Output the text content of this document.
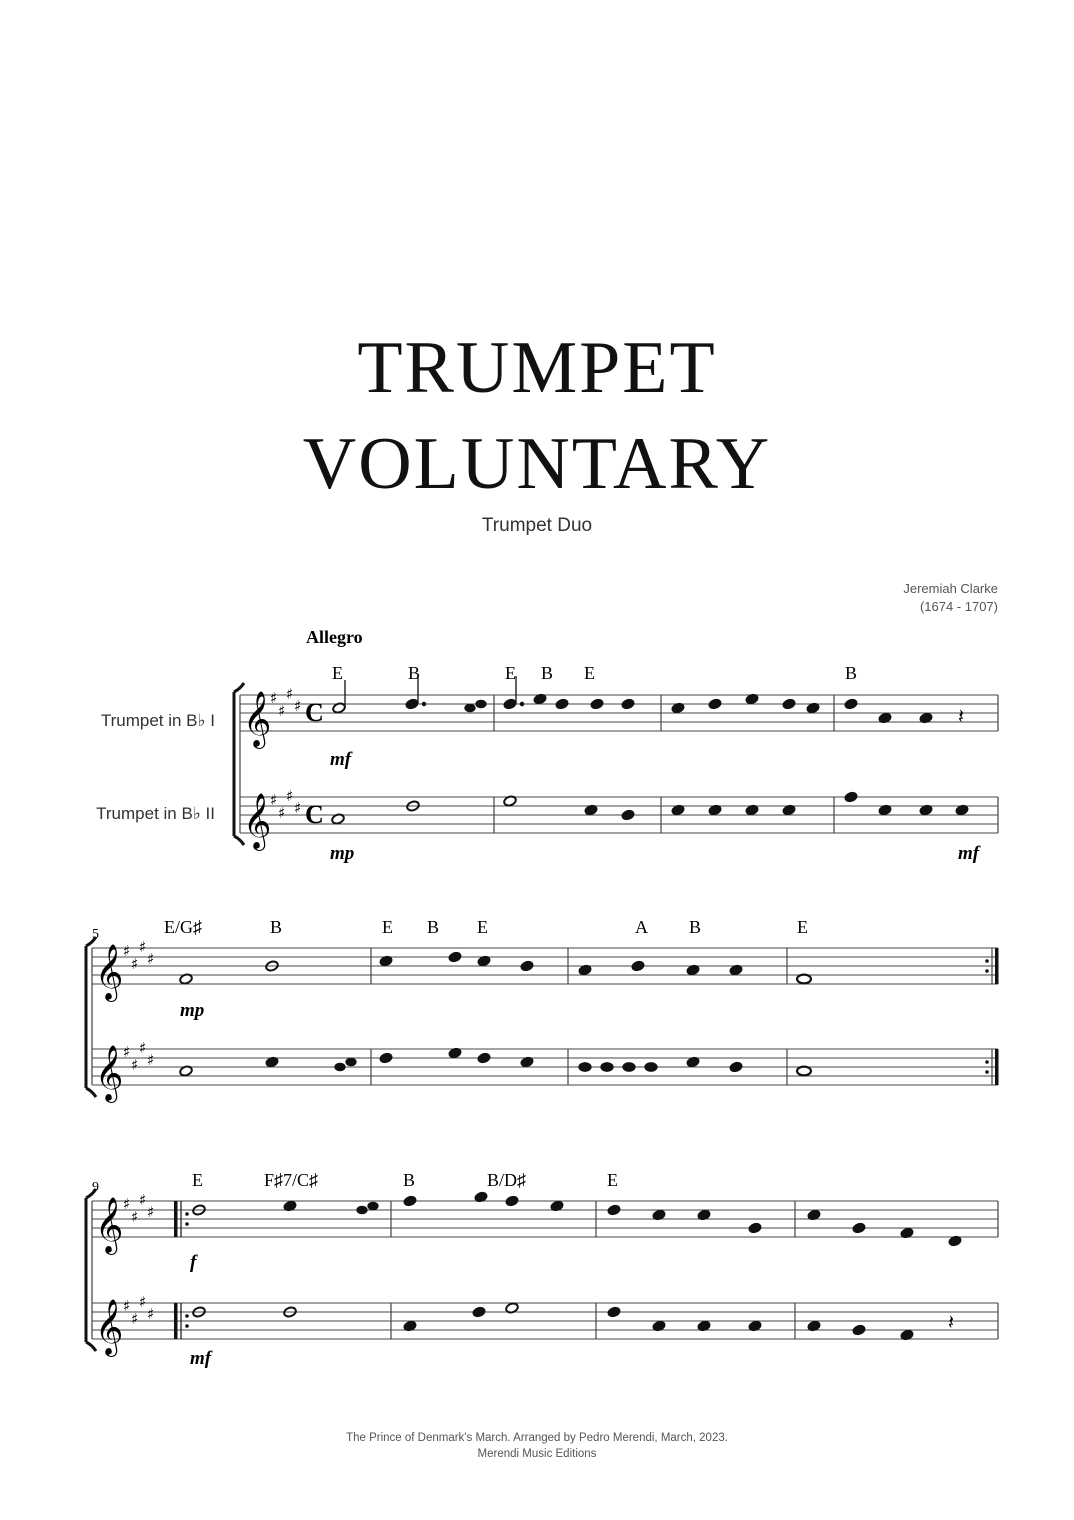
TRUMPET
VOLUNTARY
Trumpet Duo
Jeremiah Clarke
(1674 - 1707)
Allegro
Trumpet in B♭ I
Trumpet in B♭ II
E	B	E B E	B
𝄞
𝄞
♯
♯
♯
♯
♯
♯
♯
♯
C
C
𝄽
mf
mp	mf
5	E/G♯	B	E B E	A B	E
𝄞
𝄞
♯
♯
♯
♯
♯
♯
♯
♯
mp
9	E	F♯7/C♯	B	B/D♯	E
𝄞
𝄞
♯
♯
♯
♯
♯
♯
♯
♯	𝄽
f
mf
The Prince of Denmark's March. Arranged by Pedro Merendi, March, 2023.
Merendi Music Editions
